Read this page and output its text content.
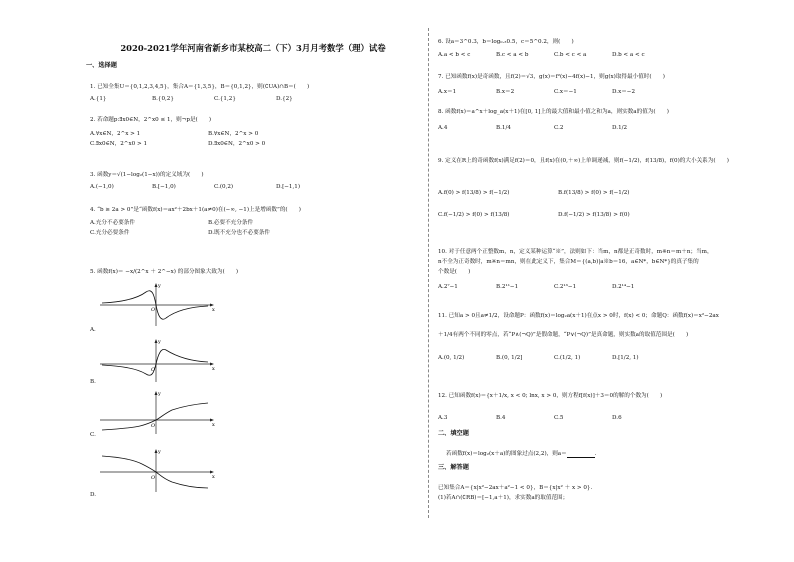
2020-2021学年河南省新乡市某校高二（下）3月月考数学（理）试卷
一、选择题
1. 已知全集U＝{0,1,2,3,4,5}，集合A＝{1,3,5}，B＝{0,1,2}，则(∁UA)∩B＝(　　)
A.{1}	B.{0,2}	C.{1,2}	D.{2}
2. 若命题p:∃x0∈N，2^x0 ≤ 1，则¬p是(　　)
A.∀x∈N，2^x > 1	B.∀x∈N，2^x > 0
C.∃x0∈N，2^x0 > 1	D.∃x0∈N，2^x0 > 0
3. 函数y＝√(1−log₂(1−x))的定义域为(　　)
A.(−1,0)	B.[−1,0)	C.(0,2)	D.[−1,1)
4. “b ≥ 2a > 0”是“函数f(x)＝ax²＋2bx＋1(a≠0)在(−∞, −1)上是增函数”的(　　)
A.充分不必要条件	B.必要不充分条件
C.充分必要条件	D.既不充分也不必要条件
5. 函数f(x)＝ −x/(2^x ＋ 2^−x) 的部分图象大致为(　　)
x
y
O
A.
x
y
O
B.
x
y
O
C.
x
y
O
D.
6. 设a＝3^0.3，b＝log₀.₃0.5，c＝5^0.2，则(　　)
A.a < b < c	B.c < a < b	C.b < c < a	D.b < a < c
7. 已知函数f(x)是奇函数，且f(2)＝√3，g(x)＝f²(x)−4f(x)−1，则g(x)取得最小值时(　　)
A.x＝1	B.x＝2	C.x＝−1	D.x＝−2
8. 函数f(x)＝a^x＋log_a(x＋1)在[0, 1]上的最大值和最小值之和为a，则实数a的值为(　　)
A.4	B.1/4	C.2	D.1/2
9. 定义在R上的奇函数f(x)满足f(2)＝0，且f(x)在(0,＋∞)上单调递减，则f(−1/2)，f(13/8)，f(0)的大小关系为(　　)
A.f(0) > f(13/8) > f(−1/2)	B.f(13/8) > f(0) > f(−1/2)
C.f(−1/2) > f(0) > f(13/8)	D.f(−1/2) > f(13/8) > f(0)
10. 对于任意两个正整数m，n，定义某种运算“※”，法则如下：当m，n都是正奇数时，m※n＝m＋n；当m，
n不全为正奇数时，m※n＝mn，则在此定义下，集合M＝{(a,b)|a※b＝16，a∈N*，b∈N*}的真子集的
个数是(　　)
A.2⁷−1	B.2¹¹−1	C.2¹³−1	D.2¹⁴−1
11. 已知a > 0且a≠1/2，设命题P：函数f(x)＝log₂a(x＋1)在点x > 0时，f(x) < 0；命题Q：函数f(x)＝x²−2ax
＋1/4有两个不同的零点，若“P∧(¬Q)”是假命题，“P∨(¬Q)”是真命题，则实数a的取值范围是(　　)
A.(0, 1/2)	B.(0, 1/2]	C.(1/2, 1)	D.[1/2, 1)
12. 已知函数f(x)＝{x＋1/x, x < 0; lnx, x > 0，则方程f[f(x)]＋3＝0的解的个数为(　　)
A.3	B.4	C.5	D.6
二、填空题
若函数f(x)＝log₂(x＋a)的图象过点(2,2)，则a＝	.
三、解答题
已知集合A＝{x|x²−2ax＋a²−1 < 0}，B＝{x|x² ＋ x > 0}.
(1)若A∩(∁RB)＝[−1,a＋1)，求实数a的取值范围；
